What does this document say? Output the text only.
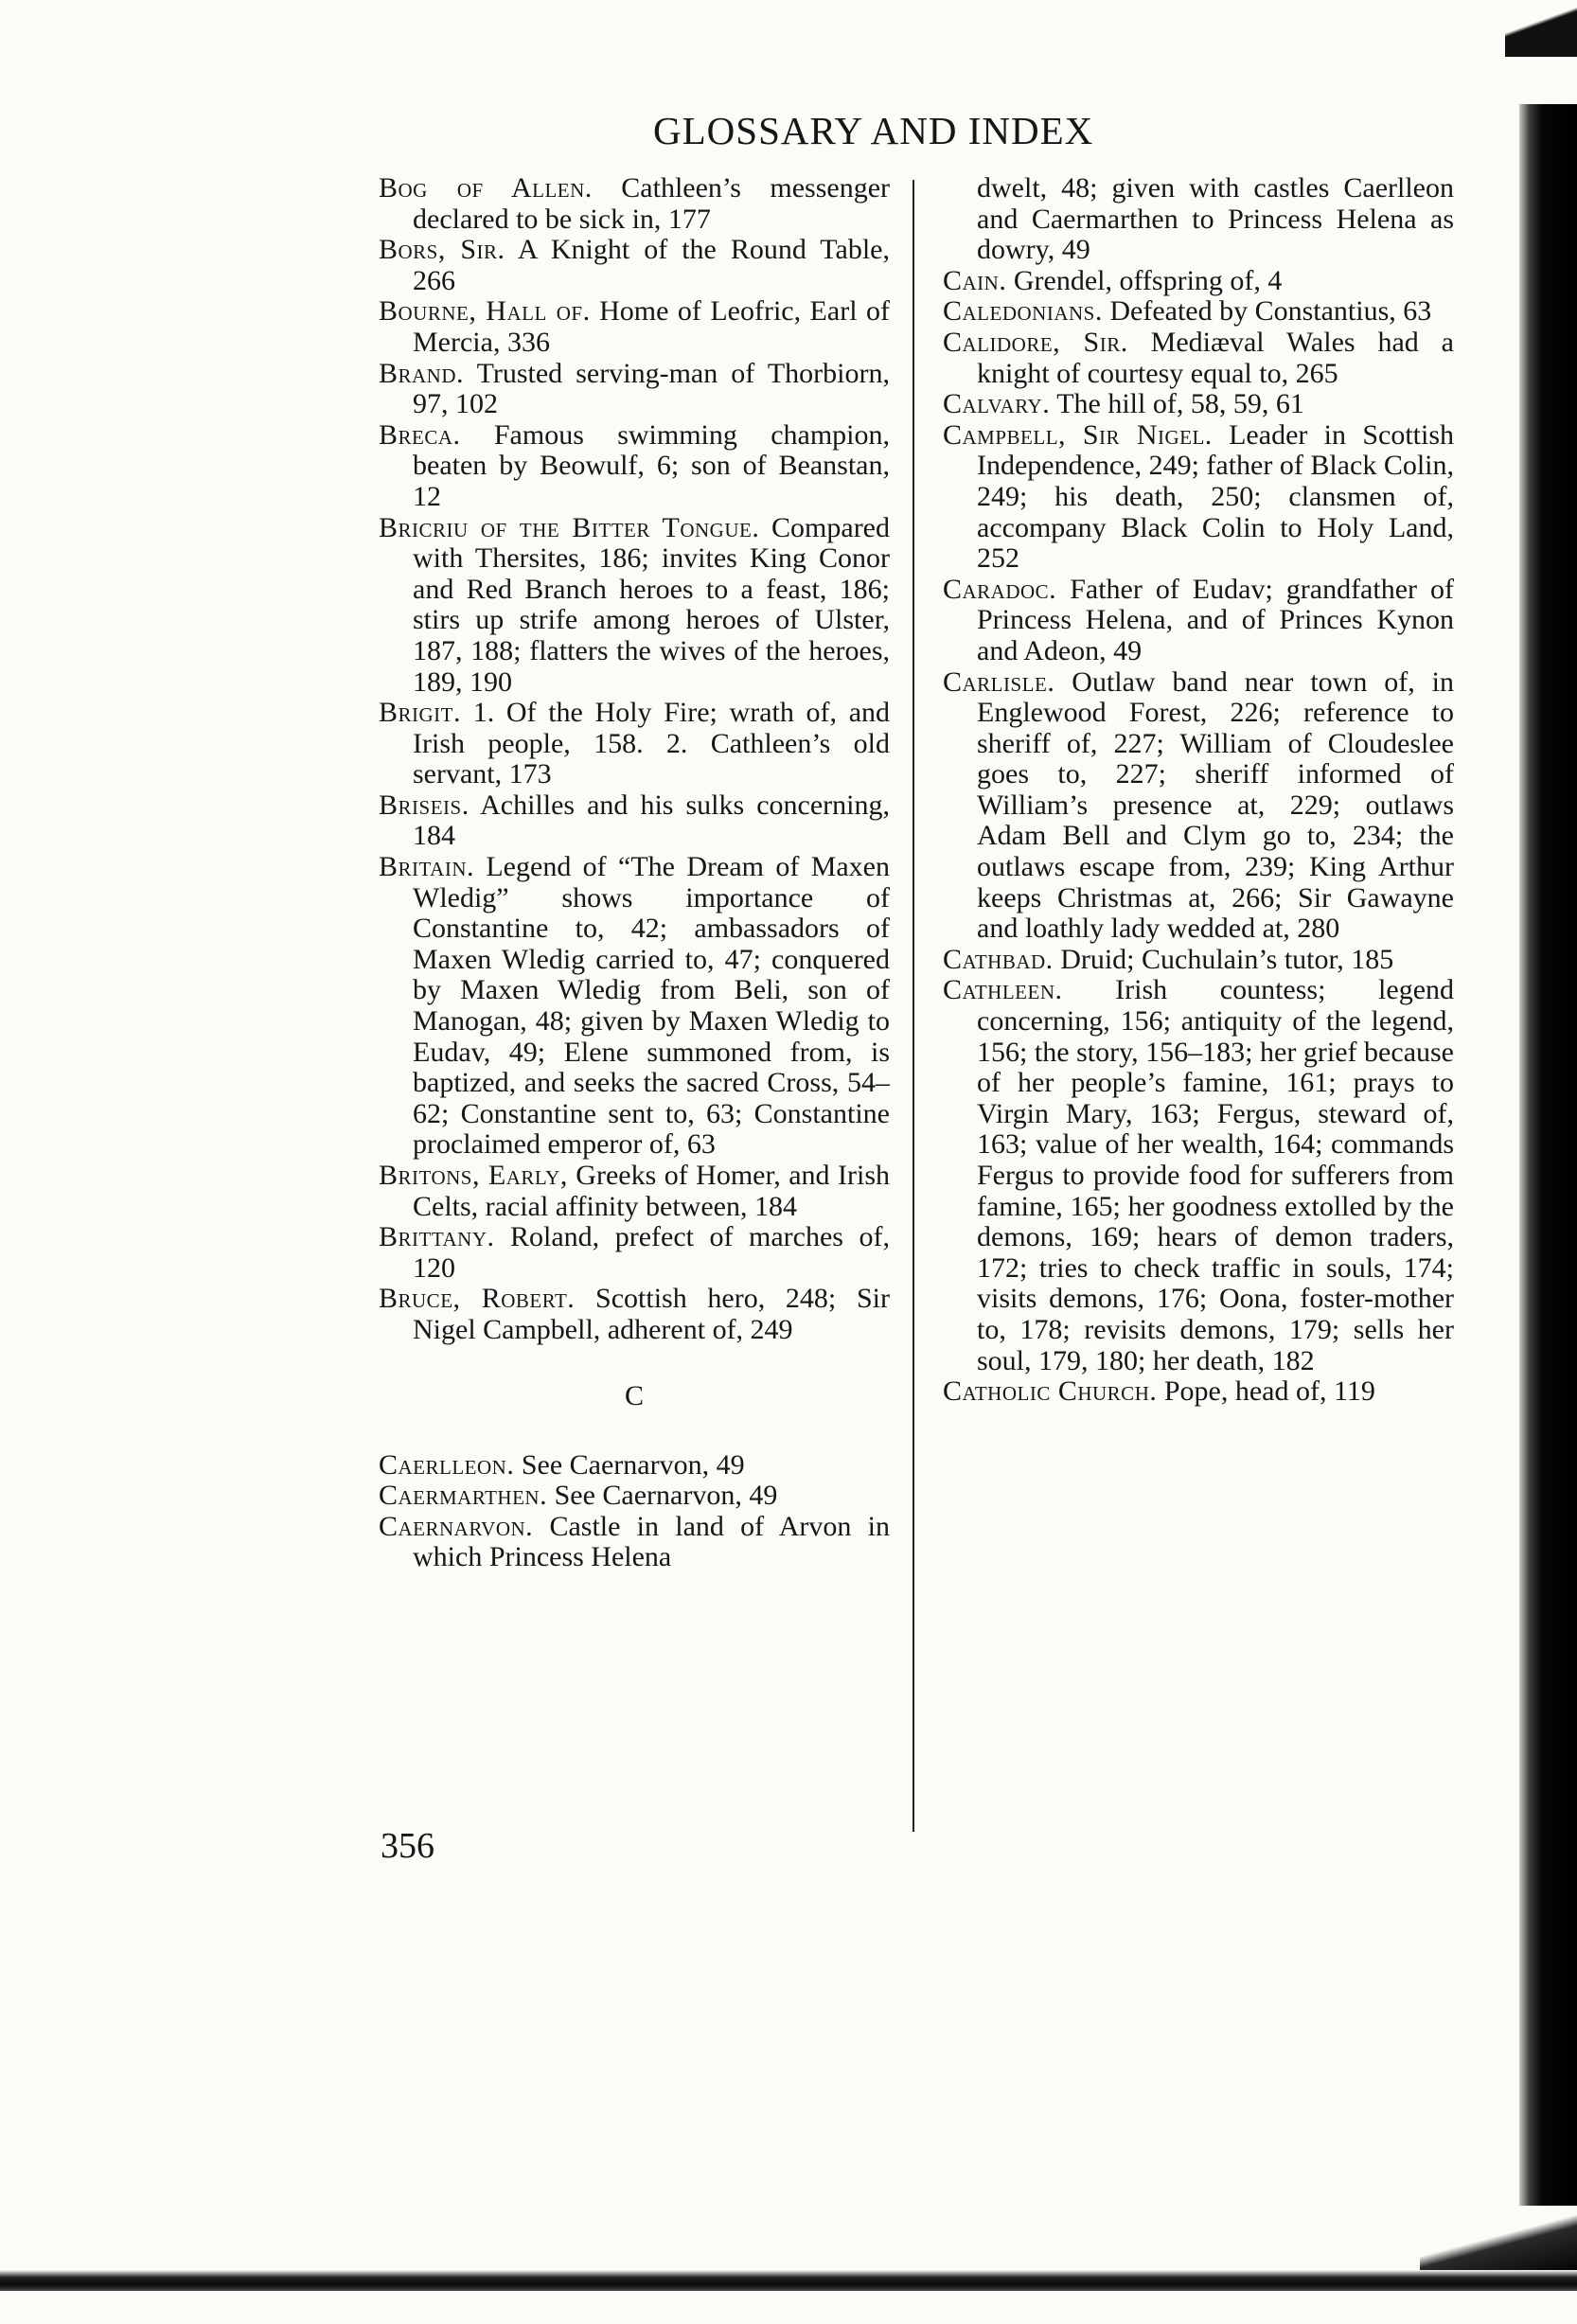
GLOSSARY AND INDEX
Bog of Allen. Cathleen’s messenger declared to be sick in, 177
Bors, Sir. A Knight of the Round Table, 266
Bourne, Hall of. Home of Leofric, Earl of Mercia, 336
Brand. Trusted serving-man of Thorbiorn, 97, 102
Breca. Famous swimming champion, beaten by Beowulf, 6; son of Beanstan, 12
Bricriu of the Bitter Tongue. Compared with Thersites, 186; invites King Conor and Red Branch heroes to a feast, 186; stirs up strife among heroes of Ulster, 187, 188; flatters the wives of the heroes, 189, 190
Brigit. 1. Of the Holy Fire; wrath of, and Irish people, 158. 2. Cathleen’s old servant, 173
Briseis. Achilles and his sulks concerning, 184
Britain. Legend of “The Dream of Maxen Wledig” shows importance of Constantine to, 42; ambassadors of Maxen Wledig carried to, 47; conquered by Maxen Wledig from Beli, son of Manogan, 48; given by Maxen Wledig to Eudav, 49; Elene summoned from, is baptized, and seeks the sacred Cross, 54–62; Constantine sent to, 63; Constantine proclaimed emperor of, 63
Britons, Early, Greeks of Homer, and Irish Celts, racial affinity between, 184
Brittany. Roland, prefect of marches of, 120
Bruce, Robert. Scottish hero, 248; Sir Nigel Campbell, adherent of, 249
C
Caerlleon. See Caernarvon, 49
Caermarthen. See Caernarvon, 49
Caernarvon. Castle in land of Arvon in which Princess Helena
dwelt, 48; given with castles Caerlleon and Caermarthen to Princess Helena as dowry, 49
Cain. Grendel, offspring of, 4
Caledonians. Defeated by Constantius, 63
Calidore, Sir. Mediæval Wales had a knight of courtesy equal to, 265
Calvary. The hill of, 58, 59, 61
Campbell, Sir Nigel. Leader in Scottish Independence, 249; father of Black Colin, 249; his death, 250; clansmen of, accompany Black Colin to Holy Land, 252
Caradoc. Father of Eudav; grandfather of Princess Helena, and of Princes Kynon and Adeon, 49
Carlisle. Outlaw band near town of, in Englewood Forest, 226; reference to sheriff of, 227; William of Cloudeslee goes to, 227; sheriff informed of William’s presence at, 229; outlaws Adam Bell and Clym go to, 234; the outlaws escape from, 239; King Arthur keeps Christmas at, 266; Sir Gawayne and loathly lady wedded at, 280
Cathbad. Druid; Cuchulain’s tutor, 185
Cathleen. Irish countess; legend concerning, 156; antiquity of the legend, 156; the story, 156–183; her grief because of her people’s famine, 161; prays to Virgin Mary, 163; Fergus, steward of, 163; value of her wealth, 164; commands Fergus to provide food for sufferers from famine, 165; her goodness extolled by the demons, 169; hears of demon traders, 172; tries to check traffic in souls, 174; visits demons, 176; Oona, foster-mother to, 178; revisits demons, 179; sells her soul, 179, 180; her death, 182
Catholic Church. Pope, head of, 119
356
